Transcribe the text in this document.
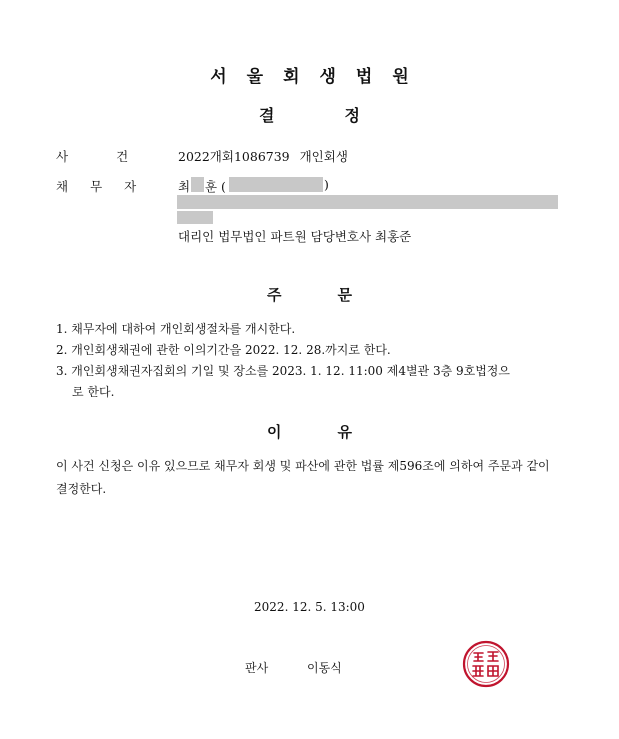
서울회생법원
결정
사건 2022개회1086739 개인회생
채무자 최 훈 (	)
대리인 법무법인 파트원 담당변호사 최홍준
주문
1. 채무자에 대하여 개인회생절차를 개시한다.
2. 개인회생채권에 관한 이의기간을 2022. 12. 28.까지로 한다.
3. 개인회생채권자집회의 기일 및 장소를 2023. 1. 12. 11:00 제4별관 3층 9호법정으
로 한다.
이유
이 사건 신청은 이유 있으므로 채무자 회생 및 파산에 관한 법률 제596조에 의하여 주문과 같이 결정한다.
2022. 12. 5. 13:00
판사	이동식
